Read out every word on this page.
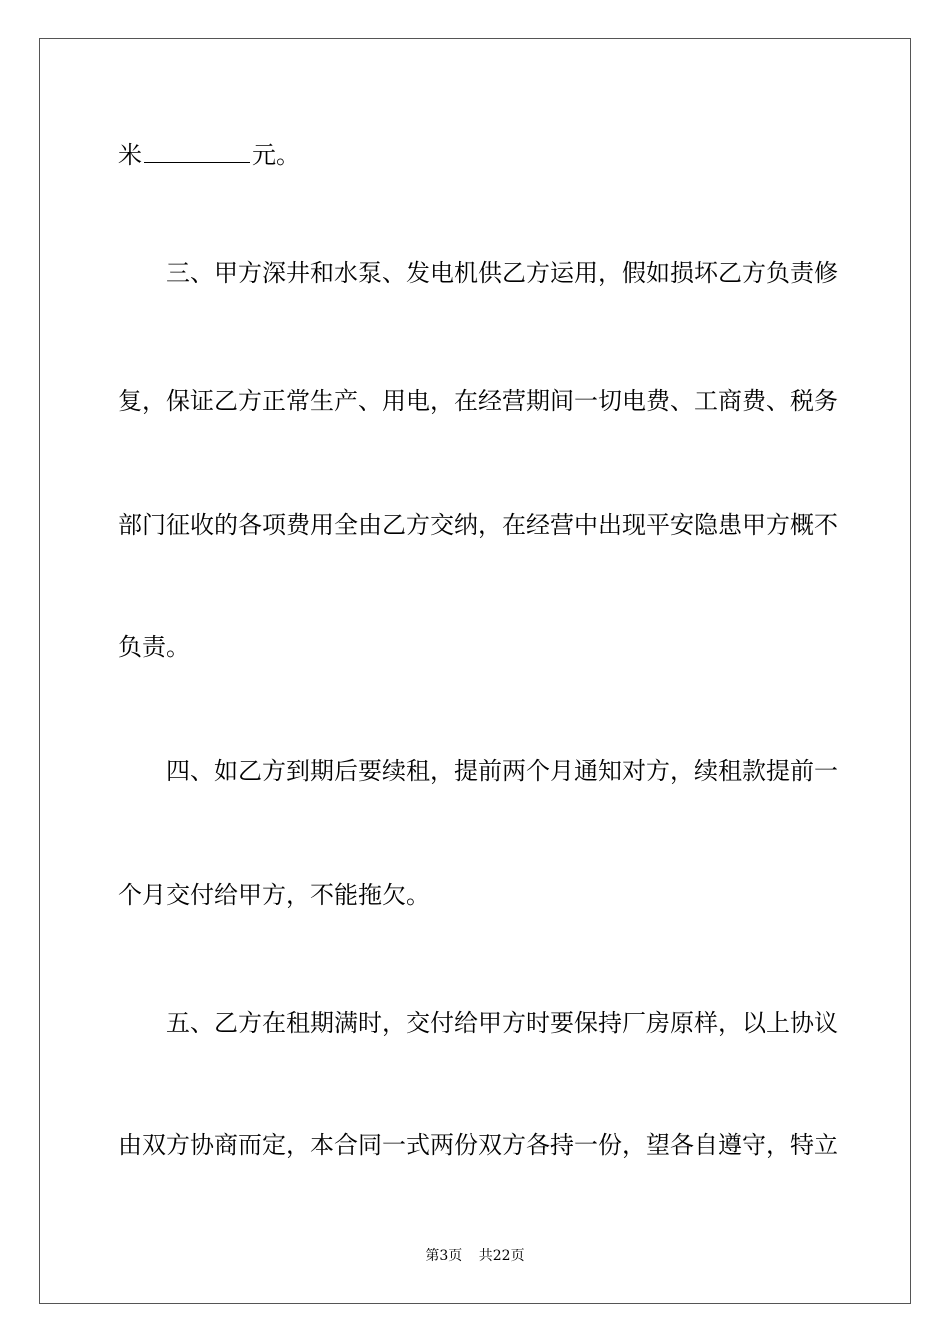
米	元。
三、甲方深井和水泵、发电机供乙方运用，假如损坏乙方负责修
复，保证乙方正常生产、用电，在经营期间一切电费、工商费、税务
部门征收的各项费用全由乙方交纳，在经营中出现平安隐患甲方概不
负责。
四、如乙方到期后要续租，提前两个月通知对方，续租款提前一
个月交付给甲方，不能拖欠。
五、乙方在租期满时，交付给甲方时要保持厂房原样，以上协议
由双方协商而定，本合同一式两份双方各持一份，望各自遵守，特立
第3页 共22页
